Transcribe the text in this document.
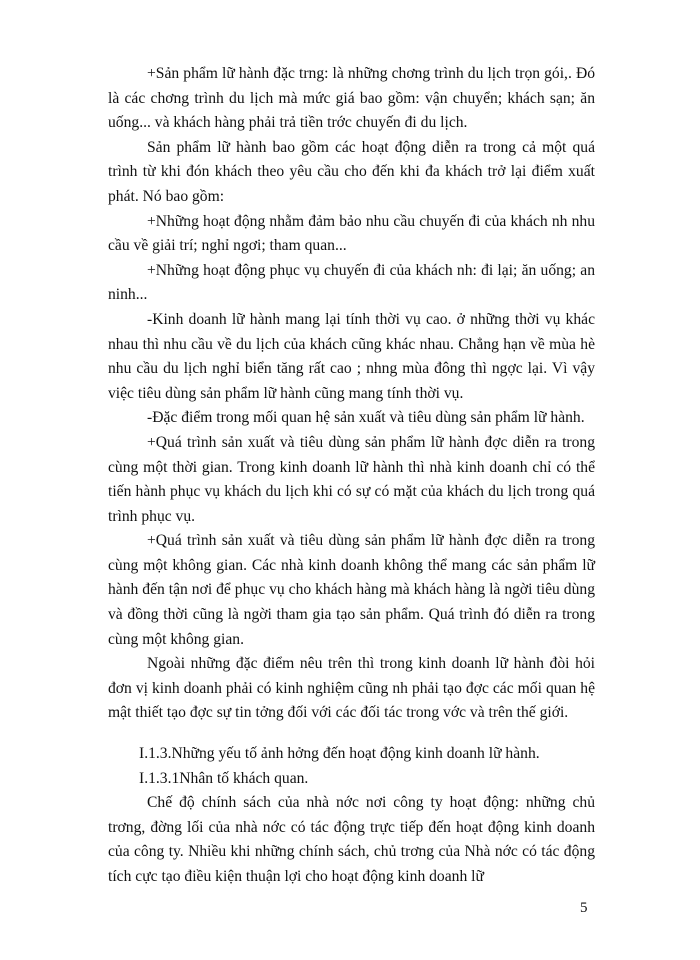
+Sản phẩm lữ hành đặc trng: là những chơng trình du lịch trọn gói,. Đó là các chơng trình du lịch mà mức giá bao gồm: vận chuyển; khách sạn; ăn uống... và khách hàng phải trả tiền trớc chuyến đi du lịch.

Sản phẩm lữ hành bao gồm các hoạt động diễn ra trong cả một quá trình từ khi đón khách theo yêu cầu cho đến khi đa khách trở lại điểm xuất phát. Nó bao gồm:

+Những hoạt động nhằm đảm bảo nhu cầu chuyến đi của khách nh nhu cầu về giải trí; nghỉ ngơi; tham quan...

+Những hoạt động phục vụ chuyến đi của khách nh: đi lại; ăn uống; an ninh...

-Kinh doanh lữ hành mang lại tính thời vụ cao. ở những thời vụ khác nhau thì nhu cầu về du lịch của khách cũng khác nhau. Chẳng hạn về mùa hè nhu cầu du lịch nghỉ biển tăng rất cao ; nhng mùa đông thì ngợc lại. Vì vậy việc tiêu dùng sản phẩm lữ hành cũng mang tính thời vụ.

-Đặc điểm trong mối quan hệ sản xuất và tiêu dùng sản phẩm lữ hành.

+Quá trình sản xuất và tiêu dùng sản phẩm lữ hành đợc diễn ra trong cùng một thời gian. Trong kinh doanh lữ hành thì nhà kinh doanh chỉ có thể tiến hành phục vụ khách du lịch khi có sự có mặt của khách du lịch trong quá trình phục vụ.

+Quá trình sản xuất và tiêu dùng sản phẩm lữ hành đợc diễn ra trong cùng một không gian. Các nhà kinh doanh không thể mang các sản phẩm lữ hành đến tận nơi để phục vụ cho khách hàng mà khách hàng là ngời tiêu dùng và đồng thời cũng là ngời tham gia tạo sản phẩm. Quá trình đó diễn ra trong cùng một không gian.

Ngoài những đặc điểm nêu trên thì trong kinh doanh lữ hành đòi hỏi đơn vị kinh doanh phải có kinh nghiệm cũng nh phải tạo đợc các mối quan hệ mật thiết tạo đợc sự tin tởng đối với các đối tác trong vớc và trên thế giới.

I.1.3.Những yếu tố ảnh hởng đến hoạt động kinh doanh lữ hành.

I.1.3.1Nhân tố khách quan.

Chế độ chính sách của nhà nớc nơi công ty hoạt động: những chủ trơng, đờng lối của nhà nớc có tác động trực tiếp đến hoạt động kinh doanh của công ty. Nhiều khi những chính sách, chủ trơng của Nhà nớc có tác động tích cực tạo điều kiện thuận lợi cho hoạt động kinh doanh lữ

5
